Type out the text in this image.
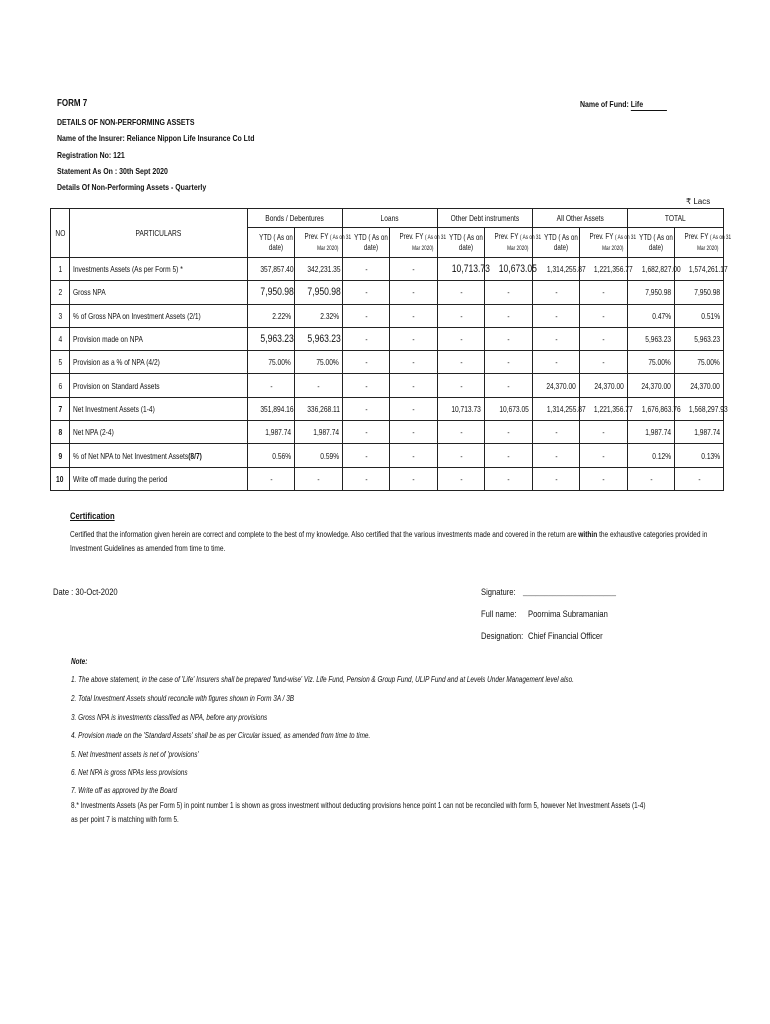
FORM 7	Name of Fund: Life
DETAILS OF NON-PERFORMING ASSETS
Name of the Insurer: Reliance Nippon Life Insurance Co Ltd
Registration No: 121
Statement As On : 30th Sept 2020
Details Of Non-Performing Assets - Quarterly
₹ Lacs
NO	PARTICULARS	Bonds / Debentures		Loans		Other Debt instruments		All Other Assets		TOTAL	
		YTD ( As on date)	Prev. FY ( As on 31
Mar 2020)	YTD ( As on date)	Prev. FY ( As on 31
Mar 2020)	YTD ( As on date)	Prev. FY ( As on 31
Mar 2020)	YTD ( As on date)	Prev. FY ( As on 31
Mar 2020)	YTD ( As on date)	Prev. FY ( As on 31
Mar 2020)
1	Investments Assets (As per Form 5) *	357,857.40	342,231.35	-	-	10,713.73	10,673.05	1,314,255.87	1,221,356.77	1,682,827.00	1,574,261.17
2	Gross NPA	7,950.98	7,950.98	-	-	-	-	-	-	7,950.98	7,950.98
3	% of Gross NPA on Investment Assets (2/1)	2.22%	2.32%	-	-	-	-	-	-	0.47%	0.51%
4	Provision made on NPA	5,963.23	5,963.23	-	-	-	-	-	-	5,963.23	5,963.23
5	Provision as a % of NPA (4/2)	75.00%	75.00%	-	-	-	-	-	-	75.00%	75.00%
6	Provision on Standard Assets	-	-	-	-	-	-	24,370.00	24,370.00	24,370.00	24,370.00
7	Net Investment Assets (1-4)	351,894.16	336,268.11	-	-	10,713.73	10,673.05	1,314,255.87	1,221,356.77	1,676,863.76	1,568,297.93
8	Net NPA (2-4)	1,987.74	1,987.74	-	-	-	-	-	-	1,987.74	1,987.74
9	% of Net NPA to Net Investment Assets(8/7)	0.56%	0.59%	-	-	-	-	-	-	0.12%	0.13%
10	Write off made during the period	-	-	-	-	-	-	-	-	-	-
Certification
Certified that the information given herein are correct and complete to the best of my knowledge. Also certified that the various investments made and covered in the return are within the exhaustive categories provided in Investment Guidelines as amended from time to time.
Date : 30-Oct-2020	Signature: ______________________
Full name: Poornima Subramanian
Designation: Chief Financial Officer
Note:
1. The above statement, in the case of 'Life' Insurers shall be prepared 'fund-wise' Viz. Life Fund, Pension & Group Fund, ULIP Fund and at Levels Under Management level also.
2. Total Investment Assets should reconcile with figures shown in Form 3A / 3B
3. Gross NPA is investments classified as NPA, before any provisions
4. Provision made on the 'Standard Assets' shall be as per Circular issued, as amended from time to time.
5. Net Investment assets is net of 'provisions'
6. Net NPA is gross NPAs less provisions
7. Write off as approved by the Board
8.* Investments Assets (As per Form 5) in point number 1 is shown as gross investment without deducting provisions hence point 1 can not be reconciled with form 5, however Net Investment Assets (1-4) as per point 7 is matching with form 5.
